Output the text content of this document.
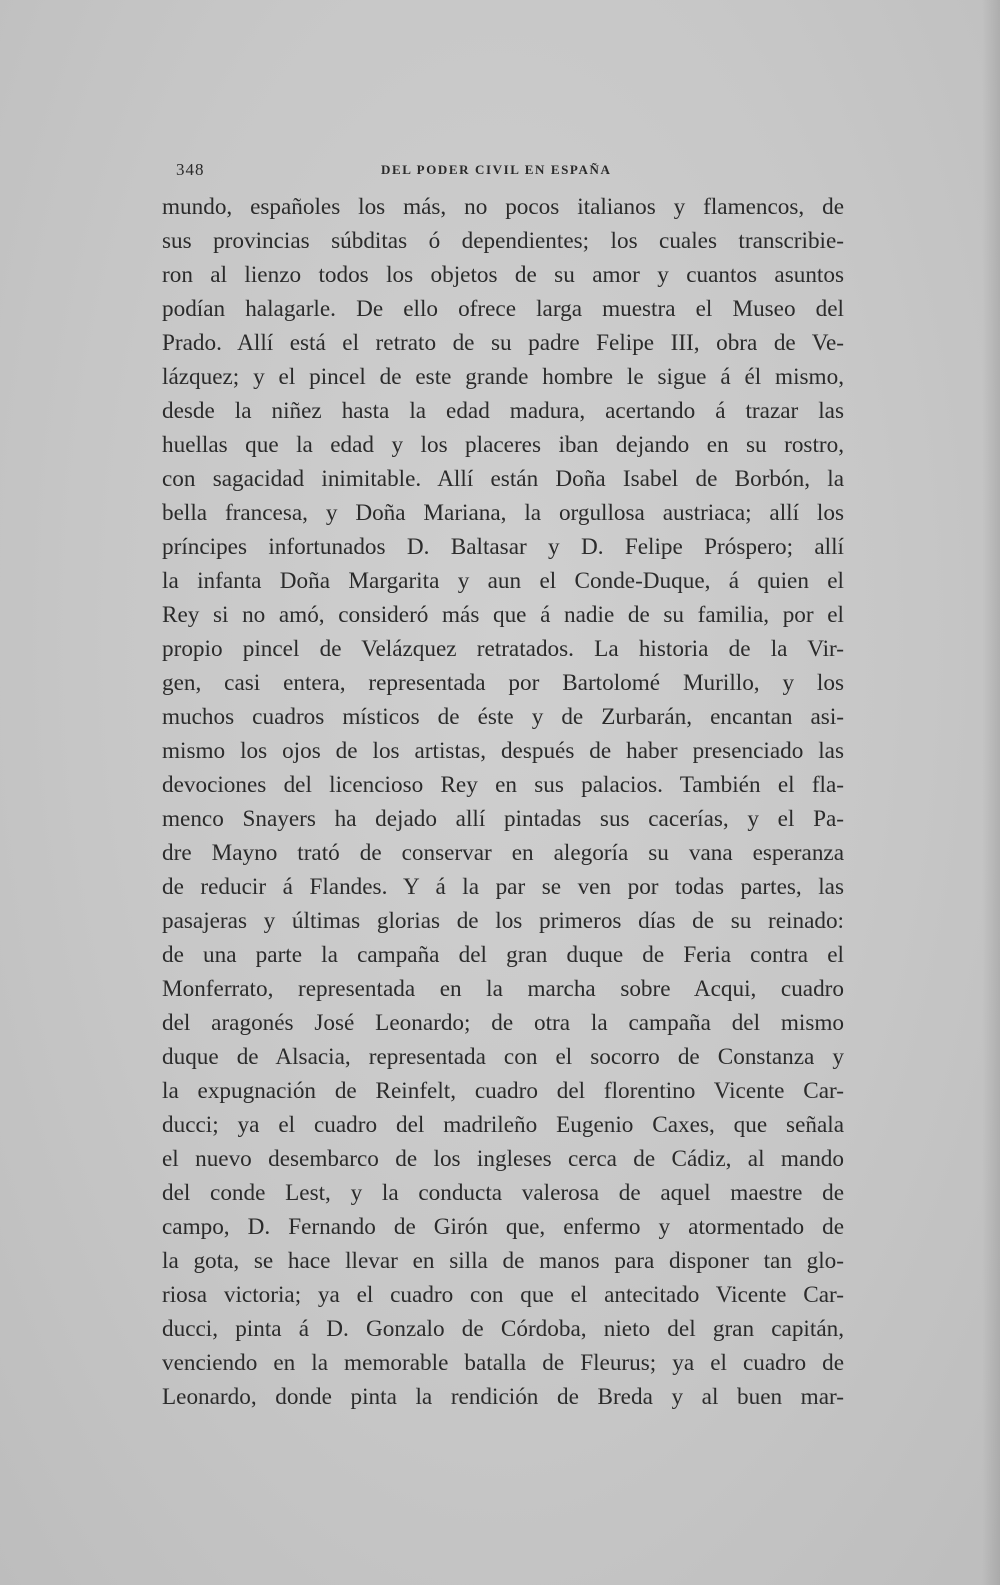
348	DEL PODER CIVIL EN ESPAÑA
mundo, españoles los más, no pocos italianos y flamencos, de
sus provincias súbditas ó dependientes; los cuales transcribie-
ron al lienzo todos los objetos de su amor y cuantos asuntos
podían halagarle. De ello ofrece larga muestra el Museo del
Prado. Allí está el retrato de su padre Felipe III, obra de Ve-
lázquez; y el pincel de este grande hombre le sigue á él mismo,
desde la niñez hasta la edad madura, acertando á trazar las
huellas que la edad y los placeres iban dejando en su rostro,
con sagacidad inimitable. Allí están Doña Isabel de Borbón, la
bella francesa, y Doña Mariana, la orgullosa austriaca; allí los
príncipes infortunados D. Baltasar y D. Felipe Próspero; allí
la infanta Doña Margarita y aun el Conde-Duque, á quien el
Rey si no amó, consideró más que á nadie de su familia, por el
propio pincel de Velázquez retratados. La historia de la Vir-
gen, casi entera, representada por Bartolomé Murillo, y los
muchos cuadros místicos de éste y de Zurbarán, encantan asi-
mismo los ojos de los artistas, después de haber presenciado las
devociones del licencioso Rey en sus palacios. También el fla-
menco Snayers ha dejado allí pintadas sus cacerías, y el Pa-
dre Mayno trató de conservar en alegoría su vana esperanza
de reducir á Flandes. Y á la par se ven por todas partes, las
pasajeras y últimas glorias de los primeros días de su reinado:
de una parte la campaña del gran duque de Feria contra el
Monferrato, representada en la marcha sobre Acqui, cuadro
del aragonés José Leonardo; de otra la campaña del mismo
duque de Alsacia, representada con el socorro de Constanza y
la expugnación de Reinfelt, cuadro del florentino Vicente Car-
ducci; ya el cuadro del madrileño Eugenio Caxes, que señala
el nuevo desembarco de los ingleses cerca de Cádiz, al mando
del conde Lest, y la conducta valerosa de aquel maestre de
campo, D. Fernando de Girón que, enfermo y atormentado de
la gota, se hace llevar en silla de manos para disponer tan glo-
riosa victoria; ya el cuadro con que el antecitado Vicente Car-
ducci, pinta á D. Gonzalo de Córdoba, nieto del gran capitán,
venciendo en la memorable batalla de Fleurus; ya el cuadro de
Leonardo, donde pinta la rendición de Breda y al buen mar-
